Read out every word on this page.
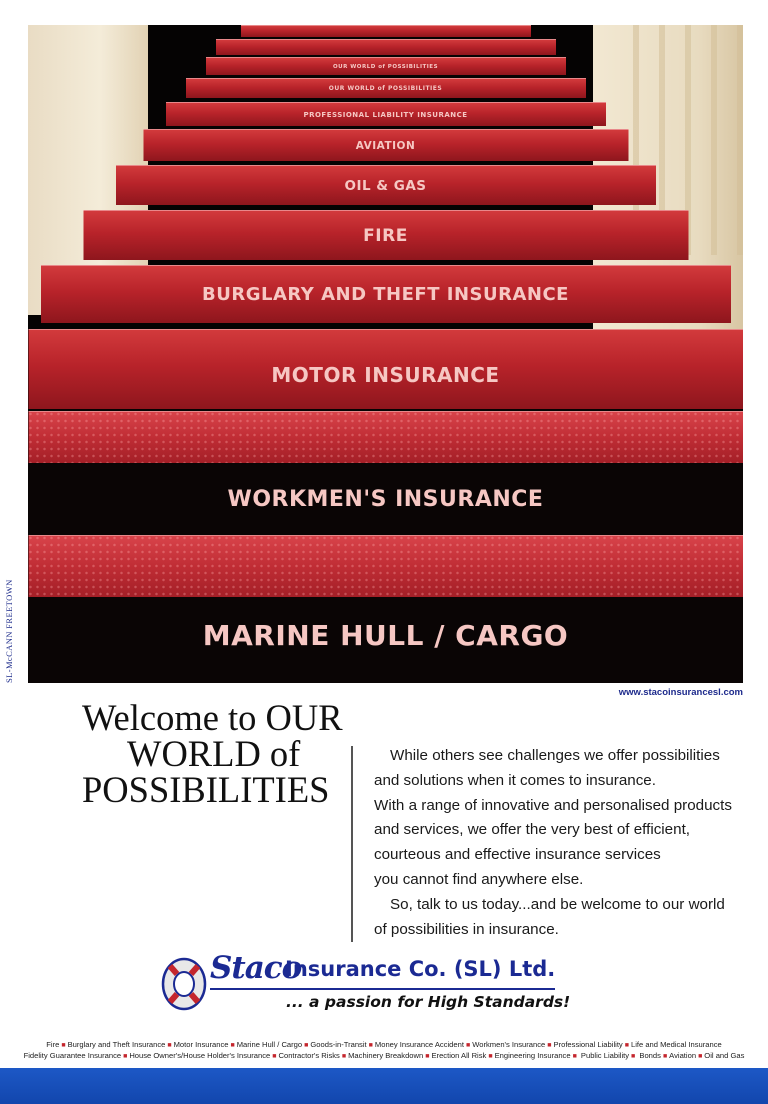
OUR WORLD of POSSIBILITIES
OUR WORLD of POSSIBILITIES
PROFESSIONAL LIABILITY INSURANCE
AVIATION
OIL & GAS
FIRE
BURGLARY AND THEFT INSURANCE
MOTOR INSURANCE
WORKMEN'S INSURANCE
MARINE HULL / CARGO
SL-McCANN FREETOWN
www.stacoinsurancesl.com
Welcome to OUR
WORLD of
POSSIBILITIES

While others see challenges we offer possibilities

and solutions when it comes to insurance.

With a range of innovative and personalised products

and services, we offer the very best of efficient,

courteous and effective insurance services

you cannot find anywhere else.

So, talk to us today...and be welcome to our world

of possibilities in insurance.

Staco
Insurance Co. (SL) Ltd.
... a passion for High Standards!
Fire ■ Burglary and Theft Insurance ■ Motor Insurance ■ Marine Hull / Cargo ■ Goods-in-Transit ■ Money Insurance Accident ■ Workmen's Insurance ■ Professional Liability ■ Life and Medical Insurance
Fidelity Guarantee Insurance ■ House Owner's/House Holder's Insurance ■ Contractor's Risks ■ Machinery Breakdown ■ Erection All Risk ■ Engineering Insurance ■ Public Liability ■ Bonds ■ Aviation ■ Oil and Gas
